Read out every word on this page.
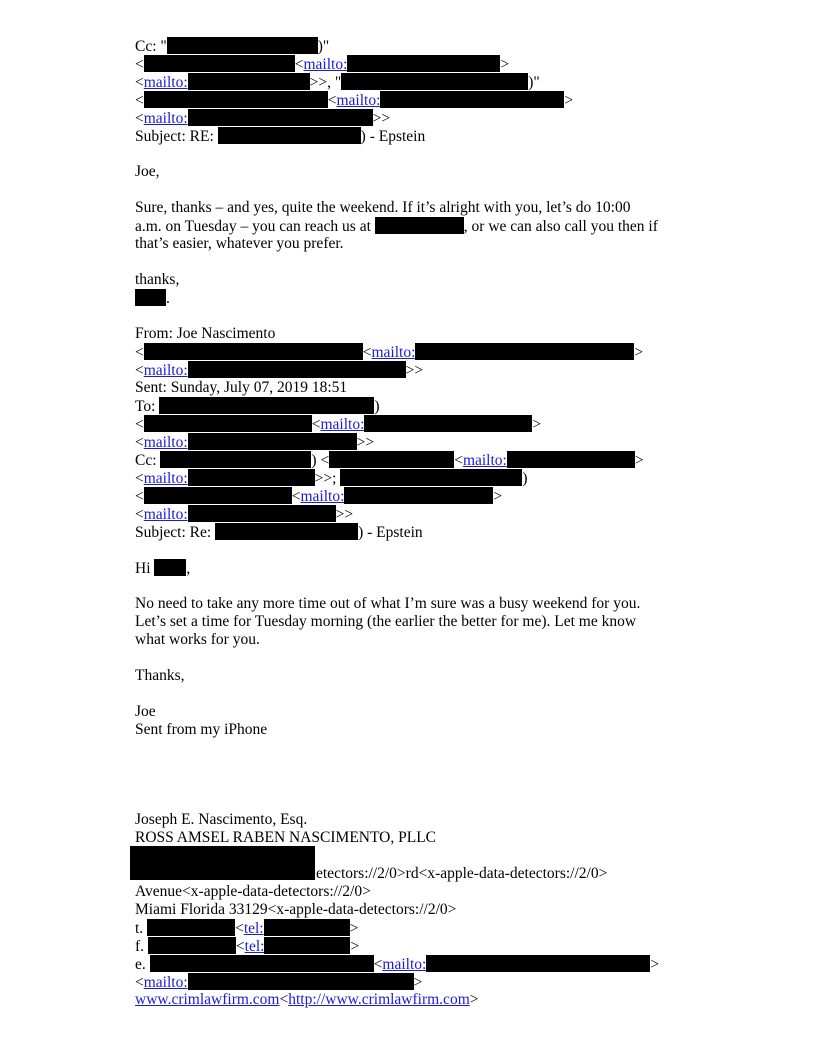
Cc: "	)"
<	<mailto:	>
<mailto:	>>, "	)"
<	<mailto:	>
<mailto:	>>
Subject: RE:	) - Epstein
Joe,
Sure, thanks – and yes, quite the weekend. If it’s alright with you, let’s do 10:00
a.m. on Tuesday – you can reach us at	, or we can also call you then if
that’s easier, whatever you prefer.
thanks,
.
From: Joe Nascimento
<	<mailto:	>
<mailto:	>>
Sent: Sunday, July 07, 2019 18:51
To:	)
<	<mailto:	>
<mailto:	>>
Cc:	) <	<mailto:	>
<mailto:	>>;	)
<	<mailto:	>
<mailto:	>>
Subject: Re:	) - Epstein
Hi ,
No need to take any more time out of what I’m sure was a busy weekend for you.
Let’s set a time for Tuesday morning (the earlier the better for me). Let me know
what works for you.
Thanks,
Joe
Sent from my iPhone
Joseph E. Nascimento, Esq.
ROSS AMSEL RABEN NASCIMENTO, PLLC
etectors://2/0>rd<x-apple-data-detectors://2/0>
Avenue<x-apple-data-detectors://2/0>
Miami Florida 33129<x-apple-data-detectors://2/0>
t.	<tel:	>
f.	<tel:	>
e.	<mailto:	>
<mailto:	>
www.crimlawfirm.com<http://www.crimlawfirm.com>
